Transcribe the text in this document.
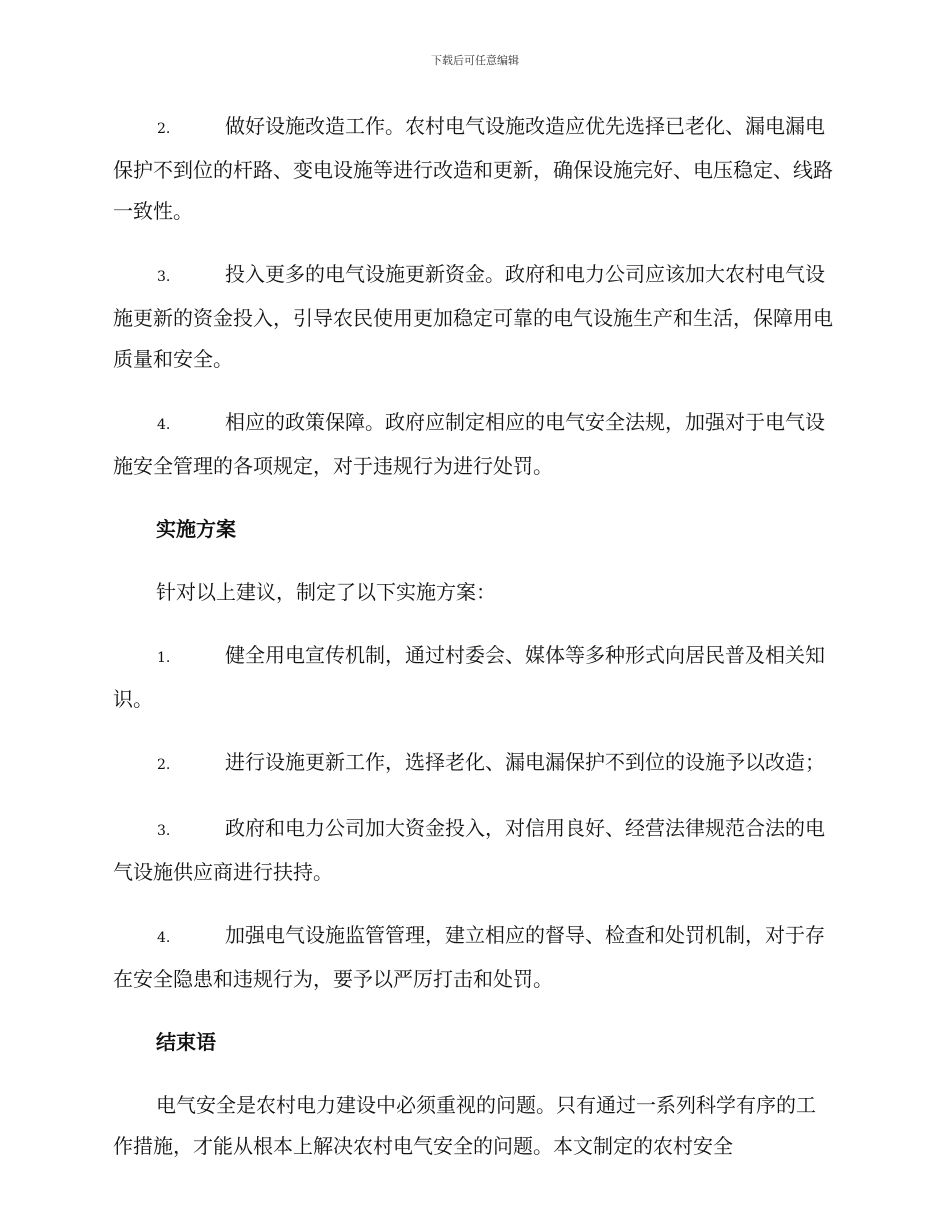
下载后可任意编辑

2.	做好设施改造工作。农村电气设施改造应优先选择已老化、漏电漏电保护不到位的杆路、变电设施等进行改造和更新，确保设施完好、电压稳定、线路一致性。

3.	投入更多的电气设施更新资金。政府和电力公司应该加大农村电气设施更新的资金投入，引导农民使用更加稳定可靠的电气设施生产和生活，保障用电质量和安全。

4.	相应的政策保障。政府应制定相应的电气安全法规，加强对于电气设施安全管理的各项规定，对于违规行为进行处罚。

实施方案

针对以上建议，制定了以下实施方案：

1.	健全用电宣传机制，通过村委会、媒体等多种形式向居民普及相关知识。

2.	进行设施更新工作，选择老化、漏电漏保护不到位的设施予以改造；

3.	政府和电力公司加大资金投入，对信用良好、经营法律规范合法的电气设施供应商进行扶持。

4.	加强电气设施监管管理，建立相应的督导、检查和处罚机制，对于存在安全隐患和违规行为，要予以严厉打击和处罚。

结束语

电气安全是农村电力建设中必须重视的问题。只有通过一系列科学有序的工作措施，才能从根本上解决农村电气安全的问题。本文制定的农村安全
